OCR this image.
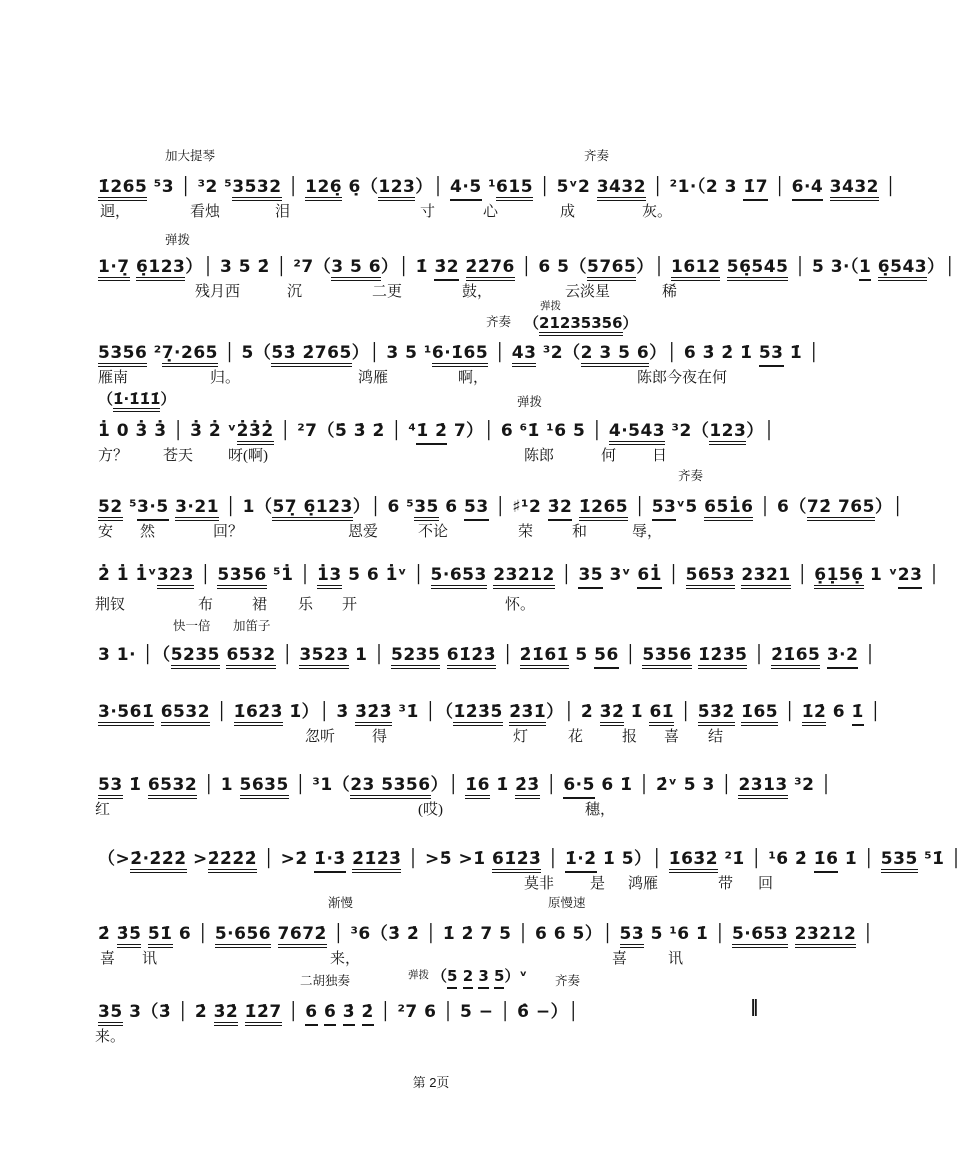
加大提琴	齐奏
1̇265 ⁵3 │ ³2 ⁵3532 │ 126̣ 6̣（123）│ 4·5 ¹615 │ 5ᵛ2 3432 │ ²1·（2 3 1̇7 │ 6·4 3432 │
迥，	看烛	泪	寸	心	成	灰。
弹拨
1·7̣ 6̣123）│ 3 5 2̇ │ ²7（3 5 6）│ 1̇ 3̇2 2̇2̇76 │ 6 5（5765）│ 1612 56̣545 │ 5 3·（1 6̣543）│
残月西	沉	二更	鼓，	云淡星	稀
齐奏
弹拨
（21235356）
5356 ²7̣·265 │ 5（5̇3̇ 2̇765）│ 3 5 ¹6·1̇65 │ 43 ³2（2 3 5 6）│ 6 3̇ 2̇ 1̇ 53 1̇ │
雁南	归。	鸿雁	啊，	陈郎今夜在何
（1̇·1̇1̇1̇）	弹拨
1̇ 0 3̇ 3̇ │ 3̇ 2̇ ᵛ2̇3̇2̇ │ ²7（5̇ 3̇ 2̇ │ ⁴1̇ 2̇ 7）│ 6 ⁶1̇ ¹6 5 │ 4·543 ³2（123）│
方？ 苍天 呀(啊)	陈郎	何 日
齐奏
52 ⁵3·5 3·21 │ 1（57̣ 6̣123）│ 6 ⁵35 6 53 │ ♯¹2 3̇2 1̇265 │ 53ᵛ5 651̇6 │ 6（72̇ 765）│
安 然	回？	恩爱	不论	荣	和	辱，
2̇ 1̇ 1̇ᵛ323 │ 5356 ⁵1̇ │ 1̇3 5 6 1̇ᵛ │ 5·653 23212 │ 35 3ᵛ 61̇ │ 5653 2321 │ 6̣1̣56̣ 1 ᵛ23 │
荆钗	布	裙 乐 开	怀。
快一倍 加笛子
3 1· │（5235 6532 │ 3523 1 │ 5235 61̇2̇3̇ │ 2̇1̇61̇ 5 56 │ 5356 1̇2̇3̇5̇ │ 2̇1̇65 3·2 │
3·561̇ 6532 │ 1̇62̇3̇ 1̇）│ 3̇ 3̇2̇3̇ ³1̇ │（1̇2̇3̇5̇ 2̇3̇1̇）│ 2̇ 3̇2̇ 1̇ 61̇ │ 5̇3̇2̇ 1̇65 │ 1̇2̇ 6 1̇ │
忽听 得	灯	花	报 喜 结
53 1̇ 6532 │ 1 5635 │ ³1（23 5356）│ 1̇6 1̇ 2̇3̇ │ 6·5 6 1̇ │ 2̇ᵛ 5 3 │ 2313 ³2 │
红	(哎)	穗，
（>2̇·2̇2̇2̇ >2̇2̇2̇2̇ │ >2̇ 1̇·3̇ 2̇1̇2̇3̇ │ >5̇ >1̇ 61̇2̇3̇ │ 1̇·2̇ 1̇ 5）│ 1̇63̇2̇ ²1̇ │ ¹6 2̇ 1̇6 1̇ │ 535 ⁵1̇ │
莫非 是 鸿雁	带 回
渐慢	原慢速
2̇ 3̇5̇ 5̇1̇ 6 │ 5·656 7672̇ │ ³6（3̇ 2̇ │ 1̇ 2̇ 7 5 │ 6 6 5）│ 53 5 ¹6 1̇ │ 5·653 23212 │
喜 讯	来，	喜	讯
二胡独奏	弹拨 （5 2 3 5）ᵛ 齐奏
35 3（3̇ │ 2̇ 3̇2̇ 1̇2̇7 │ 6 6̇ 3̇ 2̇ │ ²7 6 │ 5 − │ 6̂ −）│	‖
来。
第 2页
